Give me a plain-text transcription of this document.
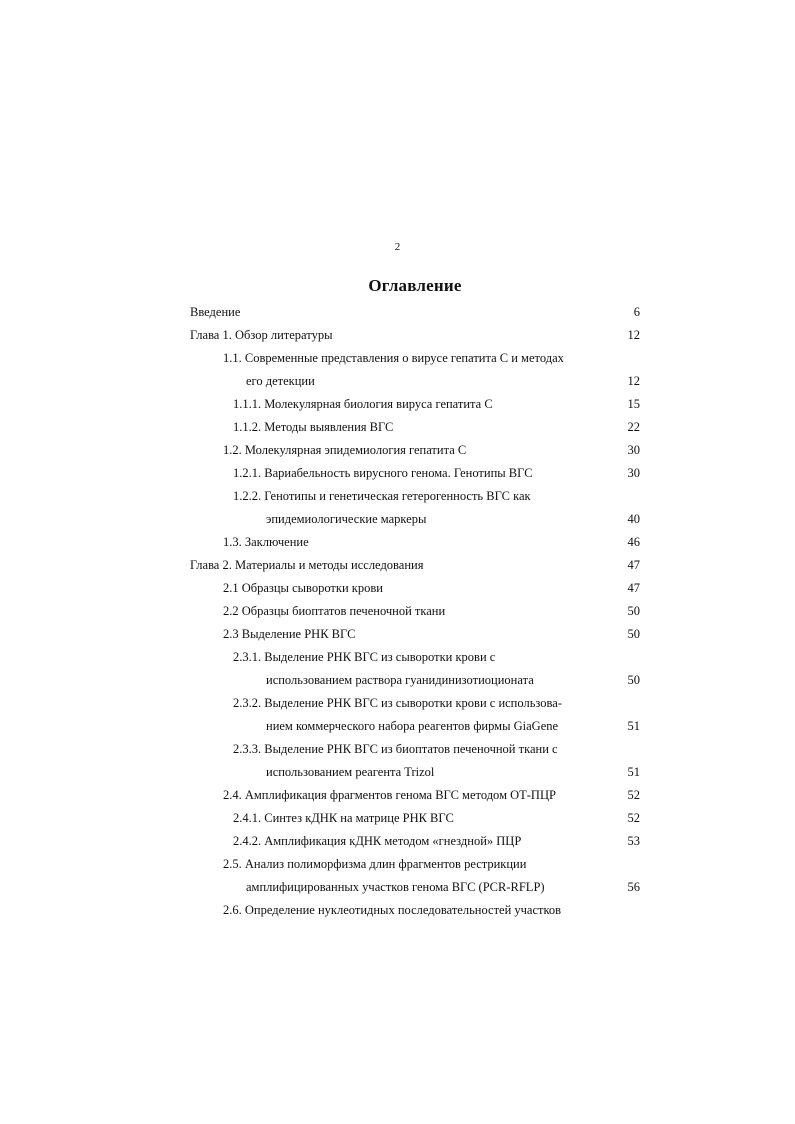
2
Оглавление
Введение	6
Глава 1. Обзор литературы	12
1.1. Современные представления о вирусе гепатита С и методах
его детекции	12
1.1.1. Молекулярная биология вируса гепатита С	15
1.1.2. Методы выявления ВГС	22
1.2. Молекулярная эпидемиология гепатита С	30
1.2.1. Вариабельность вирусного генома. Генотипы ВГС	30
1.2.2. Генотипы и генетическая гетерогенность ВГС как
эпидемиологические маркеры	40
1.3. Заключение	46
Глава 2. Материалы и методы исследования	47
2.1 Образцы сыворотки крови	47
2.2 Образцы биоптатов печеночной ткани	50
2.3 Выделение РНК ВГС	50
2.3.1. Выделение РНК ВГС из сыворотки крови с
использованием раствора гуанидинизотиоционата	50
2.3.2. Выделение РНК ВГС из сыворотки крови с использова-
нием коммерческого набора реагентов фирмы GiaGene	51
2.3.3. Выделение РНК ВГС из биоптатов печеночной ткани с
использованием реагента Trizol	51
2.4. Амплификация фрагментов генома ВГС методом ОТ-ПЦР	52
2.4.1. Синтез кДНК на матрице РНК ВГС	52
2.4.2. Амплификация кДНК методом «гнездной» ПЦР	53
2.5. Анализ полиморфизма длин фрагментов рестрикции
амплифицированных участков генома ВГС (PCR-RFLP)	56
2.6. Определение нуклеотидных последовательностей участков
